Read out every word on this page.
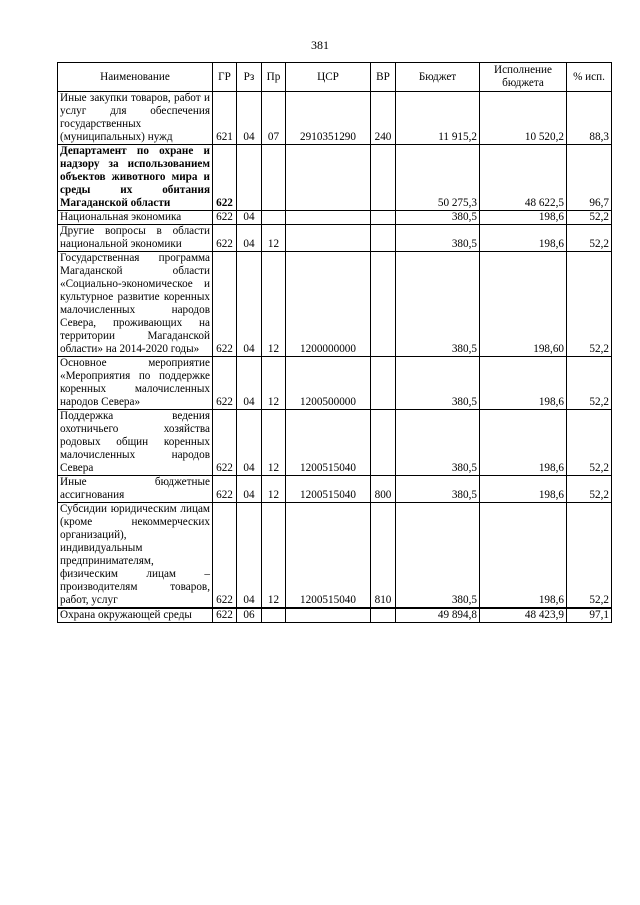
381
Наименование	ГР	Рз	Пр	ЦСР	ВР	Бюджет	Исполнение бюджета	% исп.
Иные закупки товаров, работ и услуг для обеспечения государственных (муниципальных) нужд	621	04	07	2910351290	240	11 915,2	10 520,2	88,3
Департамент по охране и надзору за использованием объектов животного мира и среды их обитания Магаданской области	622					50 275,3	48 622,5	96,7
Национальная экономика	622	04				380,5	198,6	52,2
Другие вопросы в области национальной экономики	622	04	12			380,5	198,6	52,2
Государственная программа Магаданской области «Социально-экономическое и культурное развитие коренных малочисленных народов Севера, проживающих на территории Магаданской области» на 2014-2020 годы»	622	04	12	1200000000		380,5	198,60	52,2
Основное мероприятие «Мероприятия по поддержке коренных малочисленных народов Севера»	622	04	12	1200500000		380,5	198,6	52,2
Поддержка ведения охотничьего хозяйства родовых общин коренных малочисленных народов Севера	622	04	12	1200515040		380,5	198,6	52,2
Иные бюджетные ассигнования	622	04	12	1200515040	800	380,5	198,6	52,2
Субсидии юридическим лицам (кроме некоммерческих организаций), индивидуальным предпринимателям, физическим лицам – производителям товаров, работ, услуг	622	04	12	1200515040	810	380,5	198,6	52,2
Охрана окружающей среды	622	06				49 894,8	48 423,9	97,1
